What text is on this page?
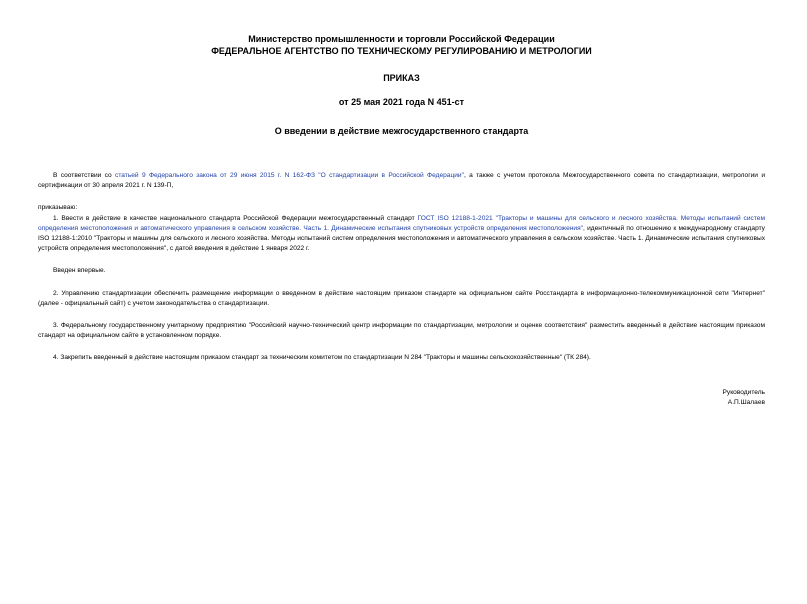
Министерство промышленности и торговли Российской Федерации
ФЕДЕРАЛЬНОЕ АГЕНТСТВО ПО ТЕХНИЧЕСКОМУ РЕГУЛИРОВАНИЮ И МЕТРОЛОГИИ
ПРИКАЗ
от 25 мая 2021 года N 451-ст
О введении в действие межгосударственного стандарта

В соответствии со статьей 9 Федерального закона от 29 июня 2015 г. N 162-ФЗ "О стандартизации в Российской Федерации", а также с учетом протокола Межгосударственного совета по стандартизации, метрологии и сертификации от 30 апреля 2021 г. N 139-П,

приказываю:

1. Ввести в действие в качестве национального стандарта Российской Федерации межгосударственный стандарт ГОСТ ISO 12188-1-2021 "Тракторы и машины для сельского и лесного хозяйства. Методы испытаний систем определения местоположения и автоматического управления в сельском хозяйстве. Часть 1. Динамические испытания спутниковых устройств определения местоположения", идентичный по отношению к международному стандарту ISO 12188-1:2010 "Тракторы и машины для сельского и лесного хозяйства. Методы испытаний систем определения местоположения и автоматического управления в сельском хозяйстве. Часть 1. Динамические испытания спутниковых устройств определения местоположения", с датой введения в действие 1 января 2022 г.

Введен впервые.

2. Управлению стандартизации обеспечить размещение информации о введенном в действие настоящим приказом стандарте на официальном сайте Росстандарта в информационно-телекоммуникационной сети "Интернет" (далее - официальный сайт) с учетом законодательства о стандартизации.

3. Федеральному государственному унитарному предприятию "Российский научно-технический центр информации по стандартизации, метрологии и оценке соответствия" разместить введенный в действие настоящим приказом стандарт на официальном сайте в установленном порядке.

4. Закрепить введенный в действие настоящим приказом стандарт за техническим комитетом по стандартизации N 284 "Тракторы и машины сельскохозяйственные" (ТК 284).

Руководитель
А.П.Шалаев
